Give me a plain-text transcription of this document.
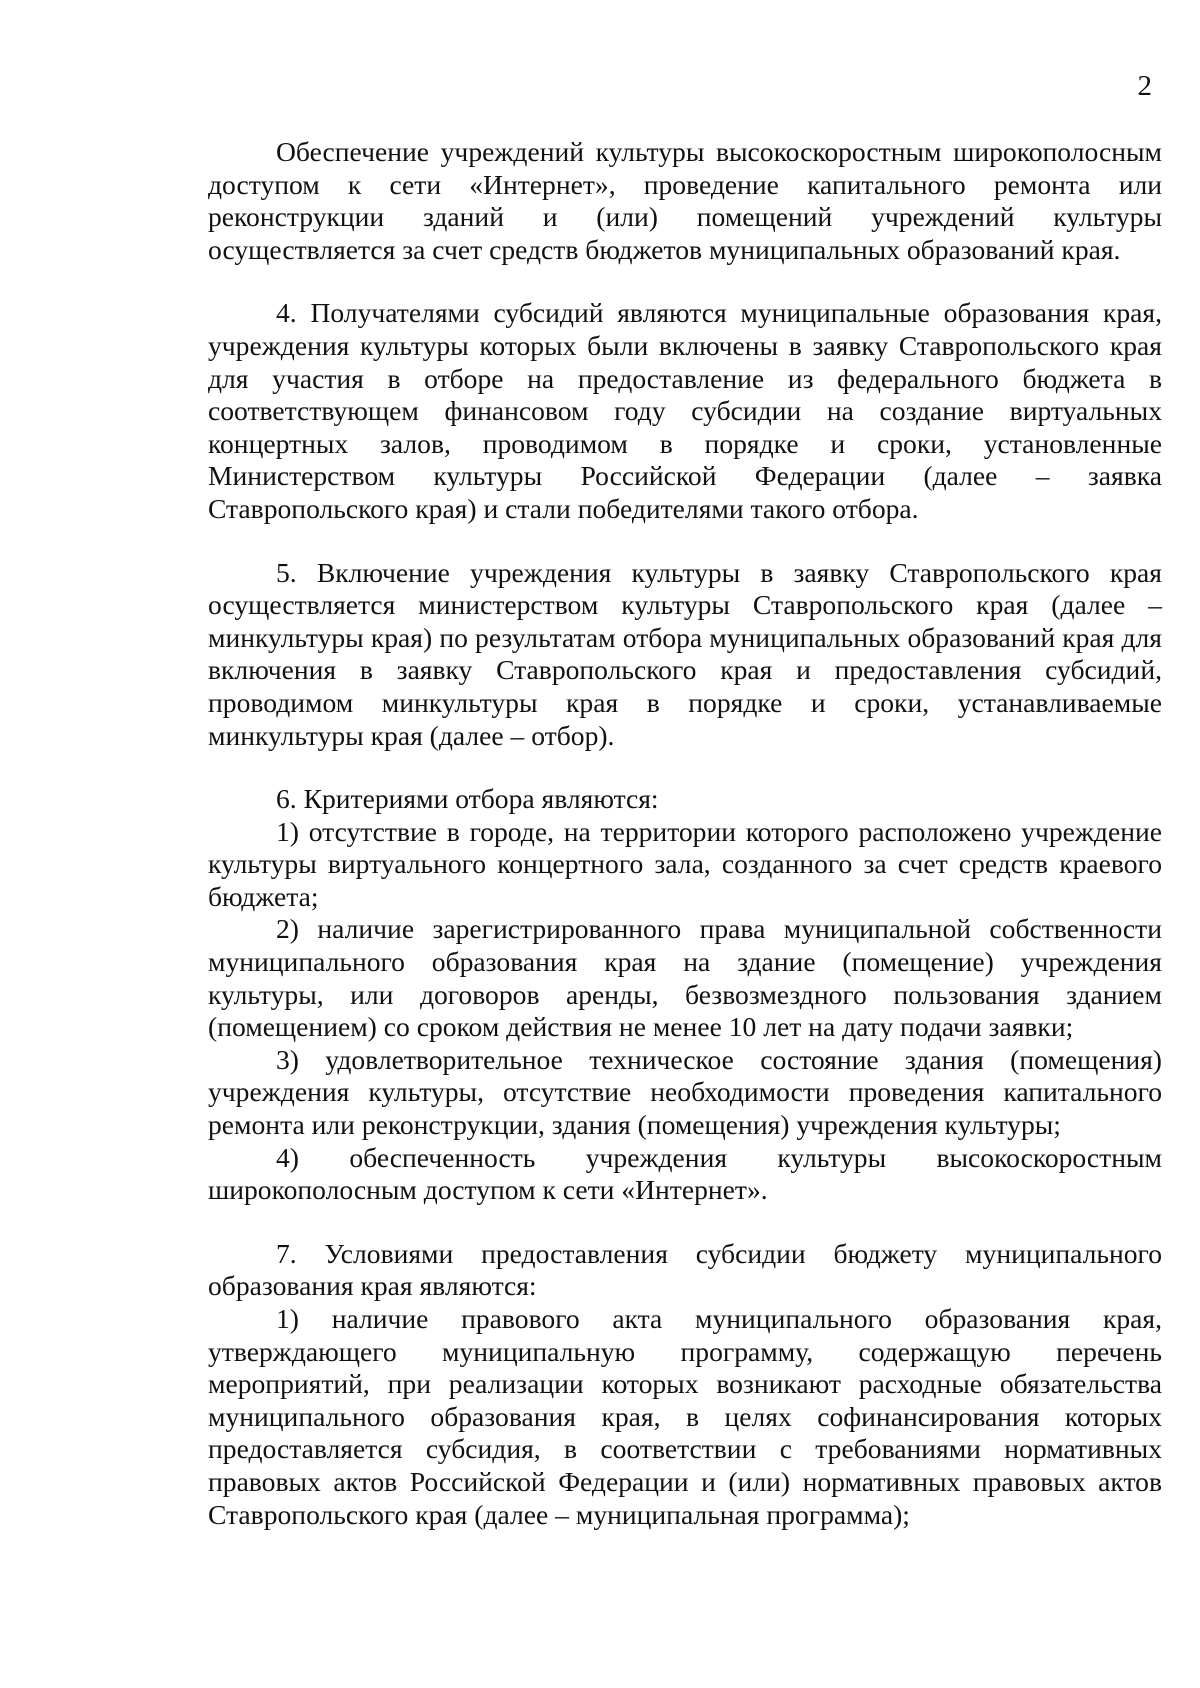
2

Обеспечение учреждений культуры высокоскоростным широкополосным доступом к сети «Интернет», проведение капитального ремонта или реконструкции зданий и (или) помещений учреждений культуры осуществляется за счет средств бюджетов муниципальных образований края.

4. Получателями субсидий являются муниципальные образования края, учреждения культуры которых были включены в заявку Ставропольского края для участия в отборе на предоставление из федерального бюджета в соответствующем финансовом году субсидии на создание виртуальных концертных залов, проводимом в порядке и сроки, установленные Министерством культуры Российской Федерации (далее – заявка Ставропольского края) и стали победителями такого отбора.

5. Включение учреждения культуры в заявку Ставропольского края осуществляется министерством культуры Ставропольского края (далее – минкультуры края) по результатам отбора муниципальных образований края для включения в заявку Ставропольского края и предоставления субсидий, проводимом минкультуры края в порядке и сроки, устанавливаемые минкультуры края (далее – отбор).

6. Критериями отбора являются:

1) отсутствие в городе, на территории которого расположено учреждение культуры виртуального концертного зала, созданного за счет средств краевого бюджета;

2) наличие зарегистрированного права муниципальной собственности муниципального образования края на здание (помещение) учреждения культуры, или договоров аренды, безвозмездного пользования зданием (помещением) со сроком действия не менее 10 лет на дату подачи заявки;

3) удовлетворительное техническое состояние здания (помещения) учреждения культуры, отсутствие необходимости проведения капитального ремонта или реконструкции, здания (помещения) учреждения культуры;

4) обеспеченность учреждения культуры высокоскоростным широкополосным доступом к сети «Интернет».

7. Условиями предоставления субсидии бюджету муниципального образования края являются:

1) наличие правового акта муниципального образования края, утверждающего муниципальную программу, содержащую перечень мероприятий, при реализации которых возникают расходные обязательства муниципального образования края, в целях софинансирования которых предоставляется субсидия, в соответствии с требованиями нормативных правовых актов Российской Федерации и (или) нормативных правовых актов Ставропольского края (далее – муниципальная программа);
